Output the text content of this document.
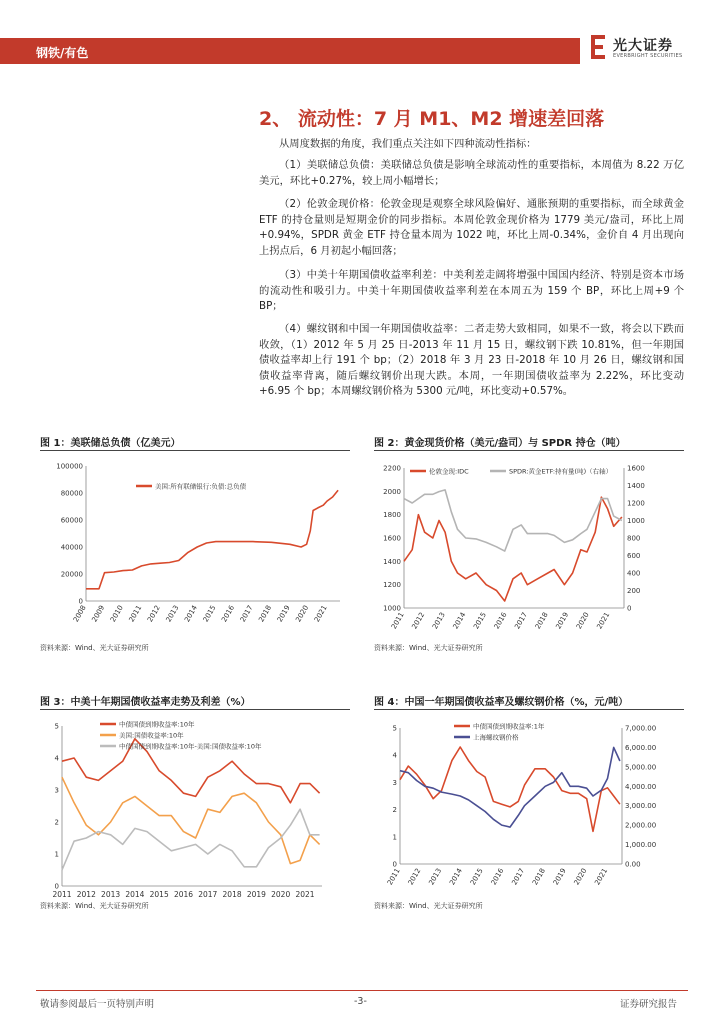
钢铁/有色	光大证券
EVERBRIGHT SECURITIES
2、 流动性：7 月 M1、M2 增速差回落

从周度数据的角度，我们重点关注如下四种流动性指标：

（1）美联储总负债：美联储总负债是影响全球流动性的重要指标，本周值为 8.22 万亿美元，环比+0.27%，较上周小幅增长；

（2）伦敦金现价格：伦敦金现是观察全球风险偏好、通胀预期的重要指标，而全球黄金 ETF 的持仓量则是短期金价的同步指标。本周伦敦金现价格为 1779 美元/盎司，环比上周+0.94%，SPDR 黄金 ETF 持仓量本周为 1022 吨，环比上周-0.34%，金价自 4 月出现向上拐点后，6 月初起小幅回落；

（3）中美十年期国债收益率利差：中美利差走阔将增强中国国内经济、特别是资本市场的流动性和吸引力。中美十年期国债收益率利差在本周五为 159 个 BP，环比上周+9 个 BP；

（4）螺纹钢和中国一年期国债收益率：二者走势大致相同，如果不一致，将会以下跌而收敛，（1）2012 年 5 月 25 日-2013 年 11 月 15 日，螺纹钢下跌 10.81%，但一年期国债收益率却上行 191 个 bp；（2）2018 年 3 月 23 日-2018 年 10 月 26 日，螺纹钢和国债收益率背离，随后螺纹钢价出现大跌。本周，一年期国债收益率为 2.22%，环比变动+6.95 个 bp；本周螺纹钢价格为 5300 元/吨，环比变动+0.57%。

图 1：美联储总负债（亿美元）
资料来源：Wind、光大证券研究所
图 2：黄金现货价格（美元/盎司）与 SPDR 持仓（吨）
资料来源：Wind、光大证券研究所
图 3：中美十年期国债收益率走势及利差（%）
资料来源：Wind、光大证券研究所
图 4：中国一年期国债收益率及螺纹钢价格（%，元/吨）
资料来源：Wind、光大证券研究所
0
20000
40000
60000
80000
100000
2008 2009 2010 2011 2012 2013 2014 2015 2016 2017 2018 2019 2020 2021
美国:所有联储银行:负债:总负债
1000
1200
1400
1600
1800
2000
2200
0
200
400
600
800
1000
1200
1400
1600
2011 2012 2013 2014 2015 2016 2017 2018 2019 2020 2021
伦敦金现:IDC	SPDR:黄金ETF:持有量(吨)（右轴）
0
1
2
3
4
5
2011 2012 2013 2014 2015 2016 2017 2018 2019 2020 2021
中债国债到期收益率:10年
美国:国债收益率:10年
中债国债到期收益率:10年-美国:国债收益率:10年
0
1
2
3
4
5
0.00
1,000.00
2,000.00
3,000.00
4,000.00
5,000.00
6,000.00
7,000.00
2011 2012 2013 2014 2015 2016 2017 2018 2019 2020 2021
中债国债到期收益率:1年
上海螺纹钢价格
敬请参阅最后一页特别声明	-3-	证券研究报告
